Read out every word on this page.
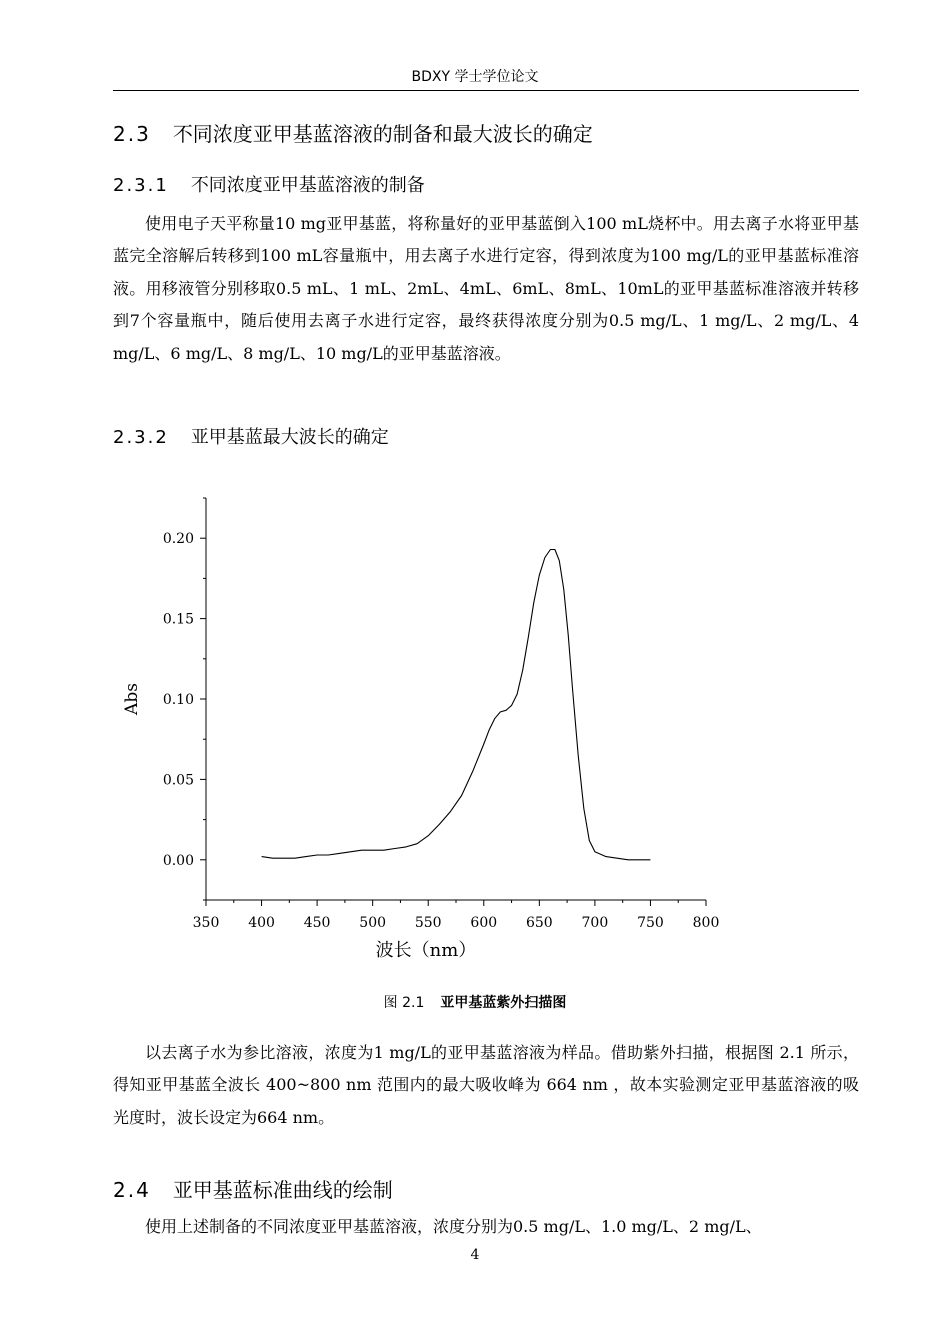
BDXY 学士学位论文
2.3 不同浓度亚甲基蓝溶液的制备和最大波长的确定
2.3.1 不同浓度亚甲基蓝溶液的制备
使用电子天平称量10 mg亚甲基蓝，将称量好的亚甲基蓝倒入100 mL烧杯中。用去离子水将亚甲基蓝完全溶解后转移到100 mL容量瓶中，用去离子水进行定容，得到浓度为100 mg/L的亚甲基蓝标准溶液。用移液管分别移取0.5 mL、1 mL、2mL、4mL、6mL、8mL、10mL的亚甲基蓝标准溶液并转移到7个容量瓶中，随后使用去离子水进行定容，最终获得浓度分别为0.5 mg/L、1 mg/L、2 mg/L、4 mg/L、6 mg/L、8 mg/L、10 mg/L的亚甲基蓝溶液。
2.3.2 亚甲基蓝最大波长的确定
350 400 450 500 550 600 650 700 750 800
0.00
0.05
0.10
0.15
0.20
波长（nm）
Abs
图 2.1 亚甲基蓝紫外扫描图
以去离子水为参比溶液，浓度为1 mg/L的亚甲基蓝溶液为样品。借助紫外扫描，根据图 2.1 所示，得知亚甲基蓝全波长 400~800 nm 范围内的最大吸收峰为 664 nm ，故本实验测定亚甲基蓝溶液的吸光度时，波长设定为664 nm。
2.4 亚甲基蓝标准曲线的绘制
使用上述制备的不同浓度亚甲基蓝溶液，浓度分别为0.5 mg/L、1.0 mg/L、2 mg/L、
4
